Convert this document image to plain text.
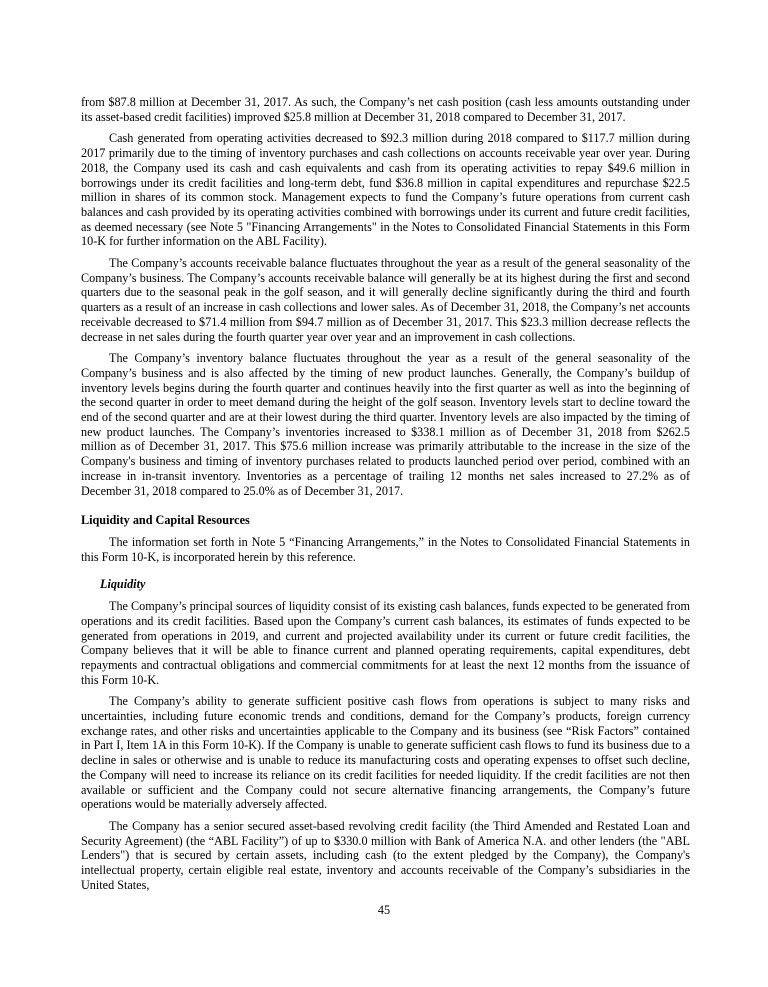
from $87.8 million at December 31, 2017. As such, the Company’s net cash position (cash less amounts outstanding under its asset-based credit facilities) improved $25.8 million at December 31, 2018 compared to December 31, 2017.

Cash generated from operating activities decreased to $92.3 million during 2018 compared to $117.7 million during 2017 primarily due to the timing of inventory purchases and cash collections on accounts receivable year over year. During 2018, the Company used its cash and cash equivalents and cash from its operating activities to repay $49.6 million in borrowings under its credit facilities and long-term debt, fund $36.8 million in capital expenditures and repurchase $22.5 million in shares of its common stock. Management expects to fund the Company’s future operations from current cash balances and cash provided by its operating activities combined with borrowings under its current and future credit facilities, as deemed necessary (see Note 5 "Financing Arrangements" in the Notes to Consolidated Financial Statements in this Form 10-K for further information on the ABL Facility).

The Company’s accounts receivable balance fluctuates throughout the year as a result of the general seasonality of the Company’s business. The Company’s accounts receivable balance will generally be at its highest during the first and second quarters due to the seasonal peak in the golf season, and it will generally decline significantly during the third and fourth quarters as a result of an increase in cash collections and lower sales. As of December 31, 2018, the Company’s net accounts receivable decreased to $71.4 million from $94.7 million as of December 31, 2017. This $23.3 million decrease reflects the decrease in net sales during the fourth quarter year over year and an improvement in cash collections.

The Company’s inventory balance fluctuates throughout the year as a result of the general seasonality of the Company’s business and is also affected by the timing of new product launches. Generally, the Company’s buildup of inventory levels begins during the fourth quarter and continues heavily into the first quarter as well as into the beginning of the second quarter in order to meet demand during the height of the golf season. Inventory levels start to decline toward the end of the second quarter and are at their lowest during the third quarter. Inventory levels are also impacted by the timing of new product launches. The Company’s inventories increased to $338.1 million as of December 31, 2018 from $262.5 million as of December 31, 2017. This $75.6 million increase was primarily attributable to the increase in the size of the Company's business and timing of inventory purchases related to products launched period over period, combined with an increase in in-transit inventory. Inventories as a percentage of trailing 12 months net sales increased to 27.2% as of December 31, 2018 compared to 25.0% as of December 31, 2017.

Liquidity and Capital Resources

The information set forth in Note 5 “Financing Arrangements,” in the Notes to Consolidated Financial Statements in this Form 10-K, is incorporated herein by this reference.

Liquidity

The Company’s principal sources of liquidity consist of its existing cash balances, funds expected to be generated from operations and its credit facilities. Based upon the Company’s current cash balances, its estimates of funds expected to be generated from operations in 2019, and current and projected availability under its current or future credit facilities, the Company believes that it will be able to finance current and planned operating requirements, capital expenditures, debt repayments and contractual obligations and commercial commitments for at least the next 12 months from the issuance of this Form 10-K.

The Company’s ability to generate sufficient positive cash flows from operations is subject to many risks and uncertainties, including future economic trends and conditions, demand for the Company’s products, foreign currency exchange rates, and other risks and uncertainties applicable to the Company and its business (see “Risk Factors” contained in Part I, Item 1A in this Form 10-K). If the Company is unable to generate sufficient cash flows to fund its business due to a decline in sales or otherwise and is unable to reduce its manufacturing costs and operating expenses to offset such decline, the Company will need to increase its reliance on its credit facilities for needed liquidity. If the credit facilities are not then available or sufficient and the Company could not secure alternative financing arrangements, the Company’s future operations would be materially adversely affected.

The Company has a senior secured asset-based revolving credit facility (the Third Amended and Restated Loan and Security Agreement) (the “ABL Facility”) of up to $330.0 million with Bank of America N.A. and other lenders (the "ABL Lenders") that is secured by certain assets, including cash (to the extent pledged by the Company), the Company's intellectual property, certain eligible real estate, inventory and accounts receivable of the Company’s subsidiaries in the United States,

45
